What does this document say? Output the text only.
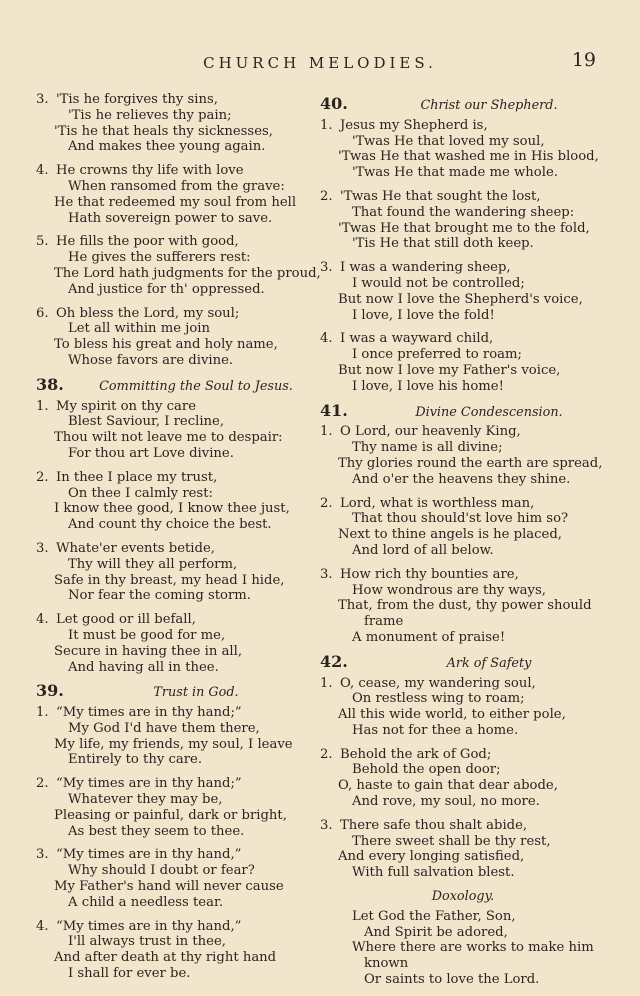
CHURCH MELODIES.	19
3. 'Tis he forgives thy sins,
'Tis he relieves thy pain;
'Tis he that heals thy sicknesses,
And makes thee young again.
4. He crowns thy life with love
When ransomed from the grave:
He that redeemed my soul from hell
Hath sovereign power to save.
5. He fills the poor with good,
He gives the sufferers rest:
The Lord hath judgments for the proud,
And justice for th' oppressed.
6. Oh bless the Lord, my soul;
Let all within me join
To bless his great and holy name,
Whose favors are divine.
38.	Committing the Soul to Jesus.
1. My spirit on thy care
Blest Saviour, I recline,
Thou wilt not leave me to despair:
For thou art Love divine.
2. In thee I place my trust,
On thee I calmly rest:
I know thee good, I know thee just,
And count thy choice the best.
3. Whate'er events betide,
Thy will they all perform,
Safe in thy breast, my head I hide,
Nor fear the coming storm.
4. Let good or ill befall,
It must be good for me,
Secure in having thee in all,
And having all in thee.
39.	Trust in God.
1. “My times are in thy hand;”
My God I'd have them there,
My life, my friends, my soul, I leave
Entirely to thy care.
2. “My times are in thy hand;”
Whatever they may be,
Pleasing or painful, dark or bright,
As best they seem to thee.
3. “My times are in thy hand,”
Why should I doubt or fear?
My Father's hand will never cause
A child a needless tear.
4. “My times are in thy hand,”
I'll always trust in thee,
And after death at thy right hand
I shall for ever be.
40.	Christ our Shepherd.
1. Jesus my Shepherd is,
'Twas He that loved my soul,
'Twas He that washed me in His blood,
'Twas He that made me whole.
2. 'Twas He that sought the lost,
That found the wandering sheep:
'Twas He that brought me to the fold,
'Tis He that still doth keep.
3. I was a wandering sheep,
I would not be controlled;
But now I love the Shepherd's voice,
I love, I love the fold!
4. I was a wayward child,
I once preferred to roam;
But now I love my Father's voice,
I love, I love his home!
41.	Divine Condescension.
1. O Lord, our heavenly King,
Thy name is all divine;
Thy glories round the earth are spread,
And o'er the heavens they shine.
2. Lord, what is worthless man,
That thou should'st love him so?
Next to thine angels is he placed,
And lord of all below.
3. How rich thy bounties are,
How wondrous are thy ways,
That, from the dust, thy power should
frame
A monument of praise!
42.	Ark of Safety
1. O, cease, my wandering soul,
On restless wing to roam;
All this wide world, to either pole,
Has not for thee a home.
2. Behold the ark of God;
Behold the open door;
O, haste to gain that dear abode,
And rove, my soul, no more.
3. There safe thou shalt abide,
There sweet shall be thy rest,
And every longing satisfied,
With full salvation blest.
Doxology.
Let God the Father, Son,
And Spirit be adored,
Where there are works to make him
known
Or saints to love the Lord.
